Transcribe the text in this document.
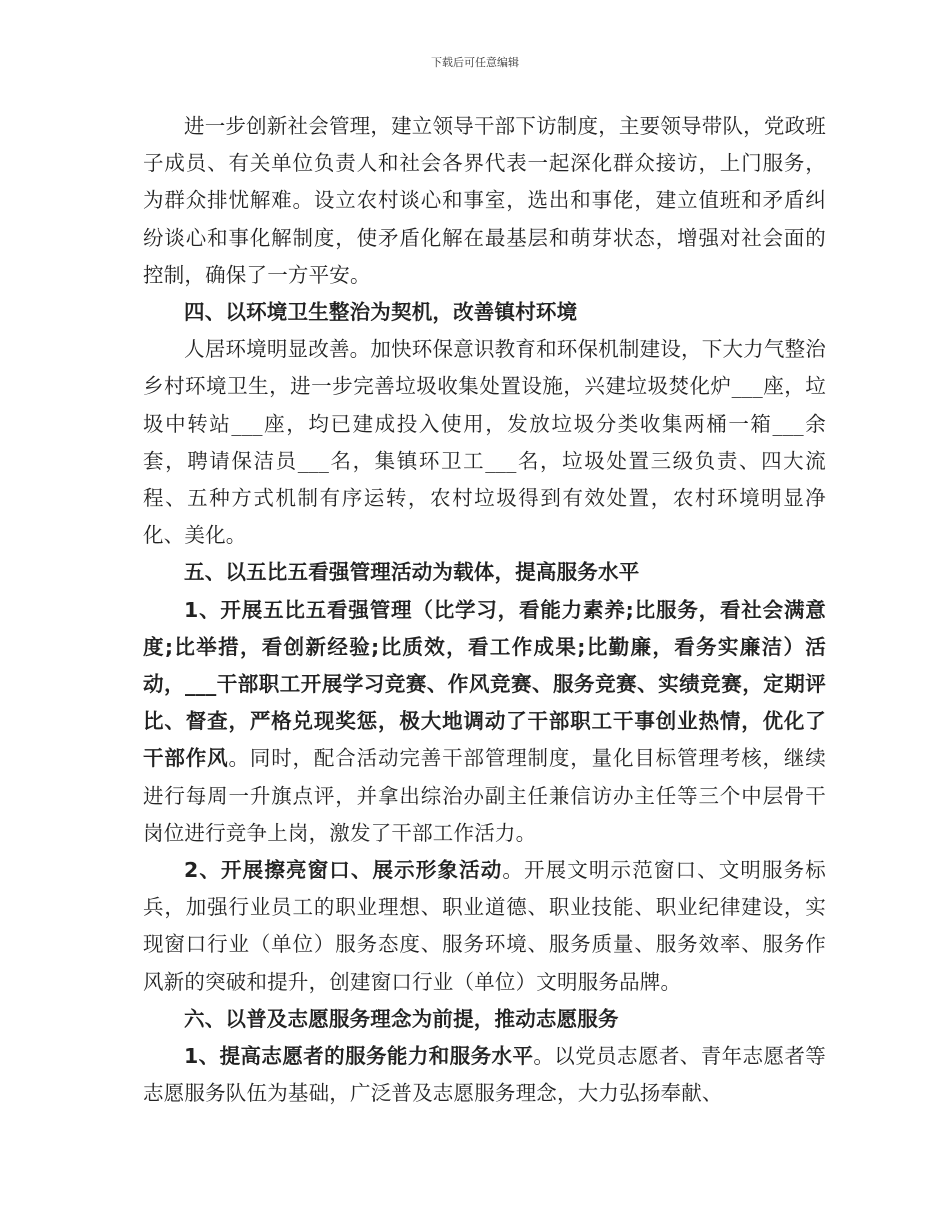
下载后可任意编辑

进一步创新社会管理，建立领导干部下访制度，主要领导带队，党政班子成员、有关单位负责人和社会各界代表一起深化群众接访，上门服务，为群众排忧解难。设立农村谈心和事室，选出和事佬，建立值班和矛盾纠纷谈心和事化解制度，使矛盾化解在最基层和萌芽状态，增强对社会面的控制，确保了一方平安。

四、以环境卫生整治为契机，改善镇村环境

人居环境明显改善。加快环保意识教育和环保机制建设，下大力气整治乡村环境卫生，进一步完善垃圾收集处置设施，兴建垃圾焚化炉___座，垃圾中转站___座，均已建成投入使用，发放垃圾分类收集两桶一箱___余套，聘请保洁员___名，集镇环卫工___名，垃圾处置三级负责、四大流程、五种方式机制有序运转，农村垃圾得到有效处置，农村环境明显净化、美化。

五、以五比五看强管理活动为载体，提高服务水平

1、开展五比五看强管理（比学习，看能力素养;比服务，看社会满意度;比举措，看创新经验;比质效，看工作成果;比勤廉，看务实廉洁）活动，___干部职工开展学习竞赛、作风竞赛、服务竞赛、实绩竞赛，定期评比、督查，严格兑现奖惩，极大地调动了干部职工干事创业热情，优化了干部作风。同时，配合活动完善干部管理制度，量化目标管理考核，继续进行每周一升旗点评，并拿出综治办副主任兼信访办主任等三个中层骨干岗位进行竞争上岗，激发了干部工作活力。

2、开展擦亮窗口、展示形象活动。开展文明示范窗口、文明服务标兵，加强行业员工的职业理想、职业道德、职业技能、职业纪律建设，实现窗口行业（单位）服务态度、服务环境、服务质量、服务效率、服务作风新的突破和提升，创建窗口行业（单位）文明服务品牌。

六、以普及志愿服务理念为前提，推动志愿服务

1、提高志愿者的服务能力和服务水平。以党员志愿者、青年志愿者等志愿服务队伍为基础，广泛普及志愿服务理念，大力弘扬奉献、
